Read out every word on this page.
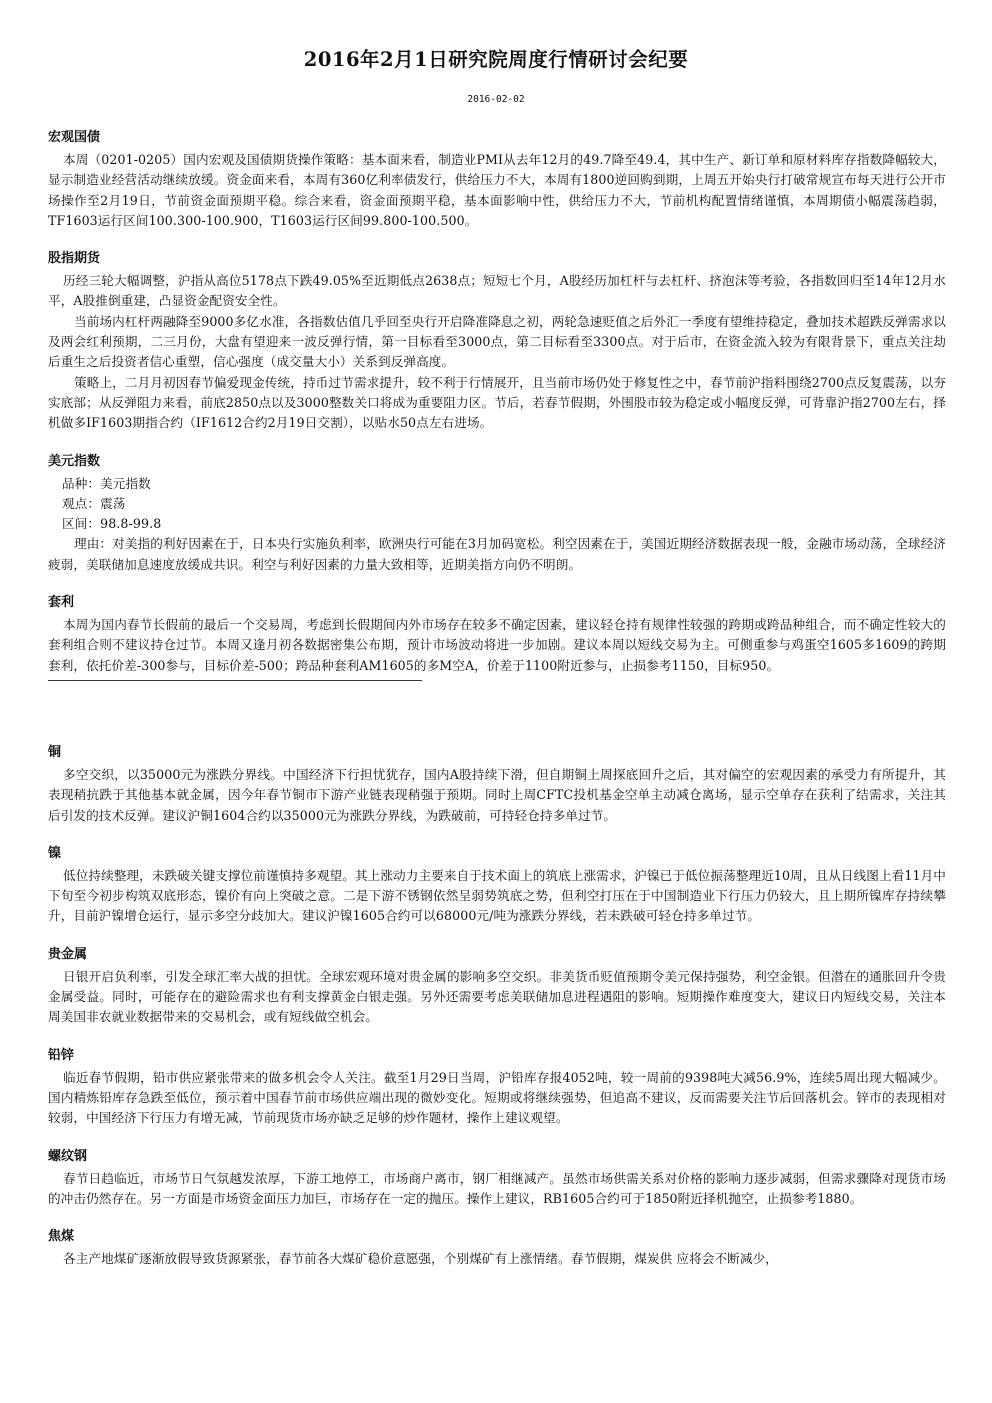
2016年2月1日研究院周度行情研讨会纪要
2016-02-02
宏观国债

本周（0201-0205）国内宏观及国债期货操作策略：基本面来看，制造业PMI从去年12月的49.7降至49.4，其中生产、新订单和原材料库存指数降幅较大，显示制造业经营活动继续放缓。资金面来看，本周有360亿利率债发行，供给压力不大，本周有1800逆回购到期，上周五开始央行打破常规宣布每天进行公开市场操作至2月19日，节前资金面预期平稳。综合来看，资金面预期平稳，基本面影响中性，供给压力不大，节前机构配置情绪谨慎，本周期债小幅震荡趋弱，TF1603运行区间100.300-100.900，T1603运行区间99.800-100.500。

股指期货

历经三轮大幅调整，沪指从高位5178点下跌49.05%至近期低点2638点；短短七个月，A股经历加杠杆与去杠杆、挤泡沫等考验，各指数回归至14年12月水平，A股推倒重建，凸显资金配资安全性。

当前场内杠杆两融降至9000多亿水准，各指数估值几乎回至央行开启降准降息之初，两轮急速贬值之后外汇一季度有望维持稳定，叠加技术超跌反弹需求以及两会红利预期，二三月份，大盘有望迎来一波反弹行情，第一目标看至3000点，第二目标看至3300点。对于后市，在资金流入较为有限背景下，重点关注劫后重生之后投资者信心重塑，信心强度（成交量大小）关系到反弹高度。

策略上，二月月初因春节偏爱现金传统，持币过节需求提升，较不利于行情展开，且当前市场仍处于修复性之中，春节前沪指料围绕2700点反复震荡，以夯实底部；从反弹阻力来看，前底2850点以及3000整数关口将成为重要阻力区。节后，若春节假期，外围股市较为稳定或小幅度反弹，可背靠沪指2700左右，择机做多IF1603期指合约（IF1612合约2月19日交割），以贴水50点左右进场。

美元指数

品种：美元指数

观点：震荡

区间：98.8-99.8

理由：对美指的利好因素在于，日本央行实施负利率，欧洲央行可能在3月加码宽松。利空因素在于，美国近期经济数据表现一般，金融市场动荡，全球经济疲弱，美联储加息速度放缓成共识。利空与利好因素的力量大致相等，近期美指方向仍不明朗。

套利

本周为国内春节长假前的最后一个交易周，考虑到长假期间内外市场存在较多不确定因素，建议轻仓持有规律性较强的跨期或跨品种组合，而不确定性较大的套利组合则不建议持仓过节。本周又逢月初各数据密集公布期，预计市场波动将进一步加剧。建议本周以短线交易为主。可侧重参与鸡蛋空1605多1609的跨期套利，依托价差-300参与，目标价差-500；跨品种套利AM1605的多M空A，价差于1100附近参与，止损参考1150，目标950。

铜

多空交织，以35000元为涨跌分界线。中国经济下行担忧犹存，国内A股持续下滑，但自期铜上周探底回升之后，其对偏空的宏观因素的承受力有所提升，其表现稍抗跌于其他基本就金属，因今年春节铜市下游产业链表现稍强于预期。同时上周CFTC投机基金空单主动减仓离场，显示空单存在获利了结需求，关注其后引发的技术反弹。建议沪铜1604合约以35000元为涨跌分界线，为跌破前，可持轻仓持多单过节。

镍

低位持续整理，未跌破关键支撑位前谨慎持多观望。其上涨动力主要来自于技术面上的筑底上涨需求，沪镍已于低位振荡整理近10周，且从日线图上看11月中下旬至今初步构筑双底形态，镍价有向上突破之意。二是下游不锈钢依然呈弱势筑底之势，但利空打压在于中国制造业下行压力仍较大，且上期所镍库存持续攀升，目前沪镍增仓运行，显示多空分歧加大。建议沪镍1605合约可以68000元/吨为涨跌分界线，若未跌破可轻仓持多单过节。

贵金属

日银开启负利率，引发全球汇率大战的担忧。全球宏观环境对贵金属的影响多空交织。非美货币贬值预期令美元保持强势，利空金银。但潜在的通胀回升令贵金属受益。同时，可能存在的避险需求也有利支撑黄金白银走强。另外还需要考虑美联储加息进程遇阻的影响。短期操作难度变大，建议日内短线交易，关注本周美国非农就业数据带来的交易机会，或有短线做空机会。

铅锌

临近春节假期，铅市供应紧张带来的做多机会令人关注。截至1月29日当周，沪铅库存报4052吨，较一周前的9398吨大减56.9%，连续5周出现大幅减少。国内精炼铅库存急跌至低位，预示着中国春节前市场供应端出现的微妙变化。短期或将继续强势，但追高不建议，反而需要关注节后回落机会。锌市的表现相对较弱，中国经济下行压力有增无减，节前现货市场亦缺乏足够的炒作题材，操作上建议观望。

螺纹钢

春节日趋临近，市场节日气氛越发浓厚，下游工地停工，市场商户离市，钢厂相继减产。虽然市场供需关系对价格的影响力逐步减弱，但需求骤降对现货市场的冲击仍然存在。另一方面是市场资金面压力加巨，市场存在一定的抛压。操作上建议，RB1605合约可于1850附近择机抛空，止损参考1880。

焦煤

各主产地煤矿逐渐放假导致货源紧张，春节前各大煤矿稳价意愿强，个别煤矿有上涨情绪。春节假期，煤炭供 应将会不断减少，
